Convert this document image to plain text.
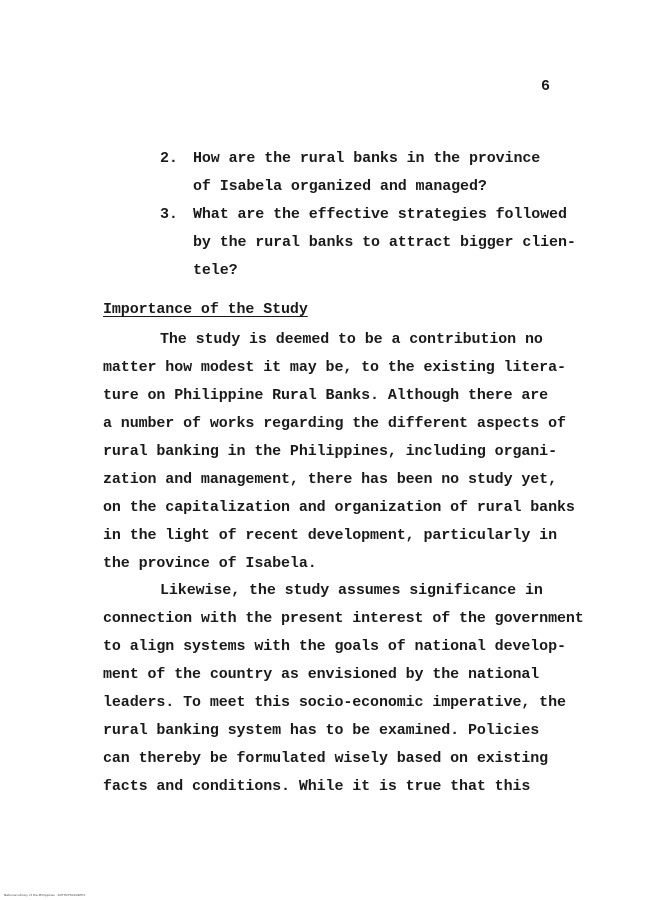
6
2. How are the rural banks in the province
of Isabela organized and managed?
3. What are the effective strategies followed
by the rural banks to attract bigger clien-
tele?
Importance of the Study
The study is deemed to be a contribution no
matter how modest it may be, to the existing litera-
ture on Philippine Rural Banks. Although there are
a number of works regarding the different aspects of
rural banking in the Philippines, including organi-
zation and management, there has been no study yet,
on the capitalization and organization of rural banks
in the light of recent development, particularly in
the province of Isabela.
Likewise, the study assumes significance in
connection with the present interest of the government
to align systems with the goals of national develop-
ment of the country as envisioned by the national
leaders. To meet this socio-economic imperative, the
rural banking system has to be examined. Policies
can thereby be formulated wisely based on existing
facts and conditions. While it is true that this
National Library of the Philippines · RUTHCFS0109PH1
